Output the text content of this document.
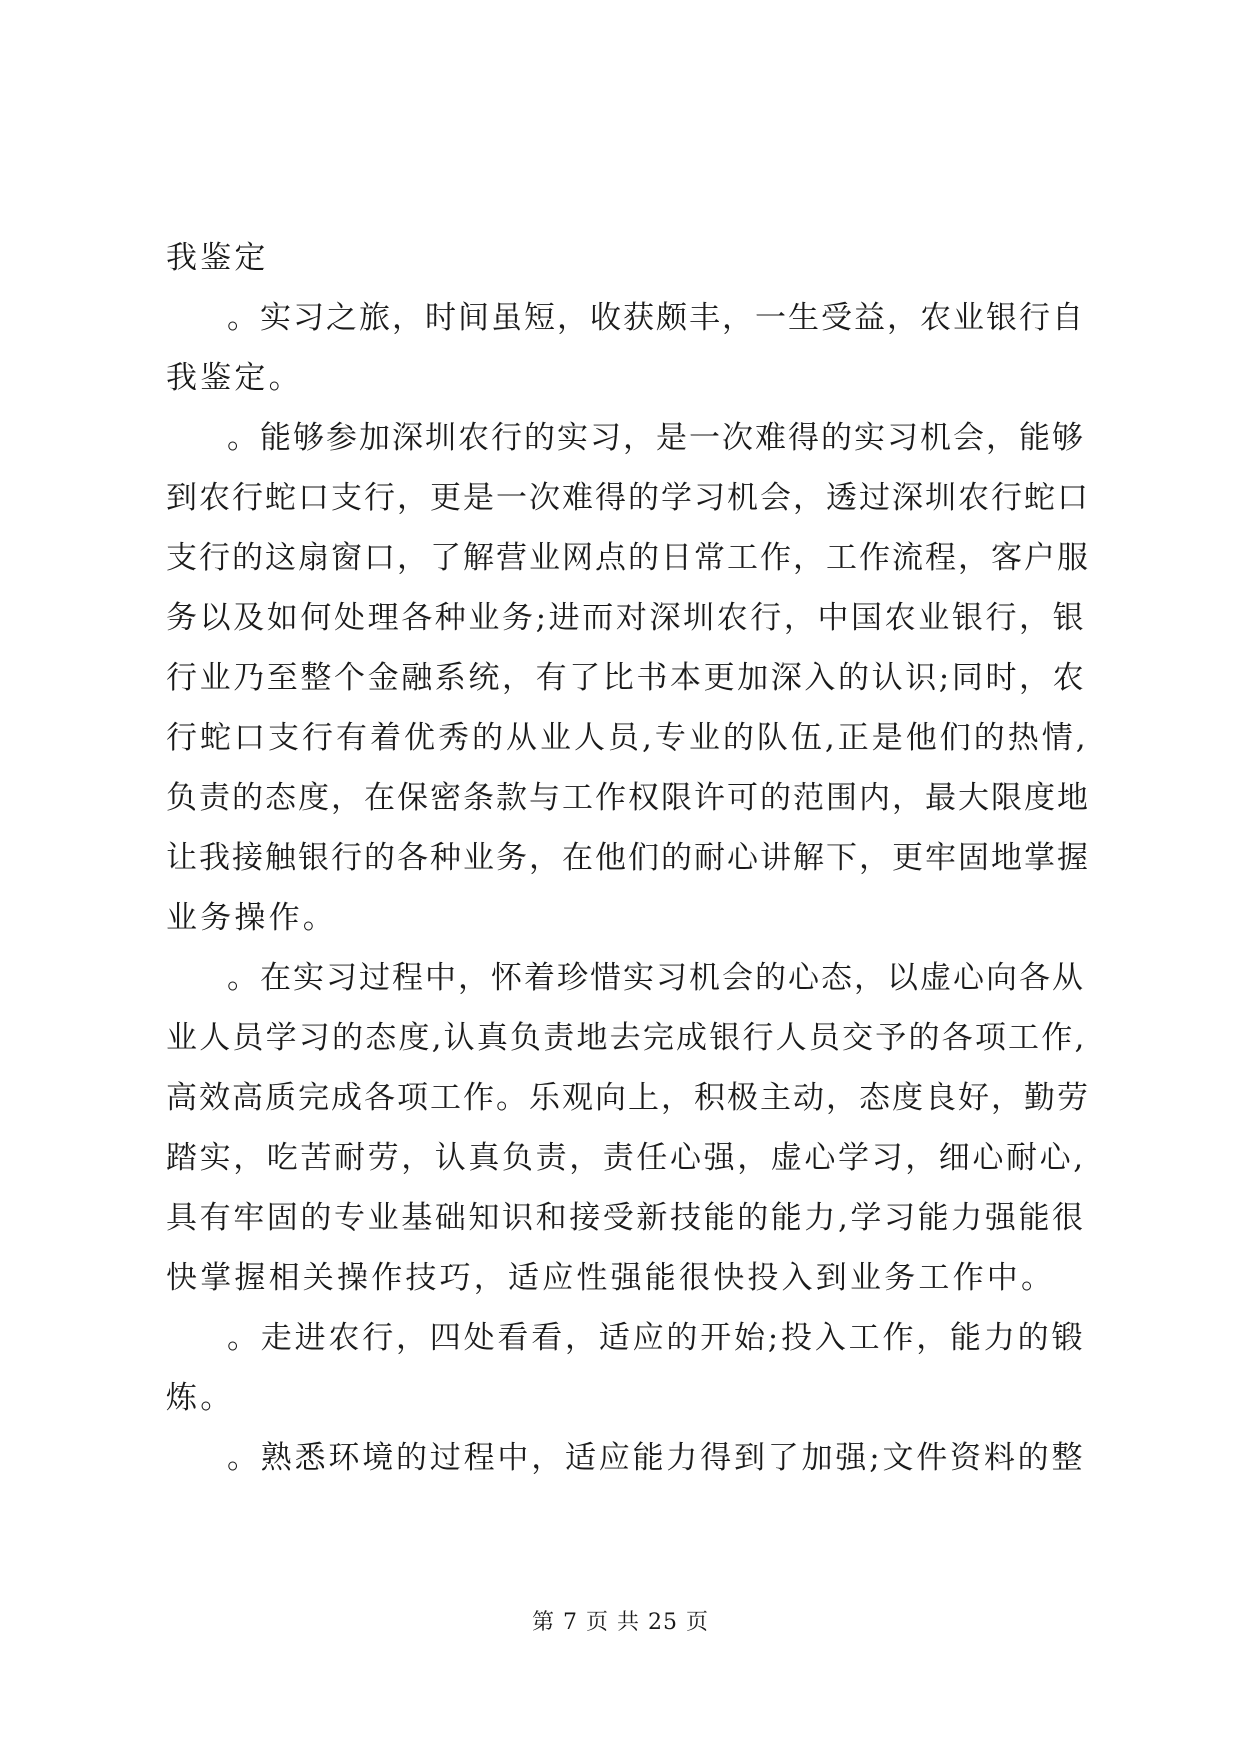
我鉴定
。实习之旅，时间虽短，收获颇丰，一生受益，农业银行自
我鉴定。
。能够参加深圳农行的实习，是一次难得的实习机会，能够
到农行蛇口支行，更是一次难得的学习机会，透过深圳农行蛇口
支行的这扇窗口，了解营业网点的日常工作，工作流程，客户服
务以及如何处理各种业务;进而对深圳农行，中国农业银行，银
行业乃至整个金融系统，有了比书本更加深入的认识;同时，农
行蛇口支行有着优秀的从业人员,专业的队伍,正是他们的热情,
负责的态度，在保密条款与工作权限许可的范围内，最大限度地
让我接触银行的各种业务，在他们的耐心讲解下，更牢固地掌握
业务操作。
。在实习过程中，怀着珍惜实习机会的心态，以虚心向各从
业人员学习的态度,认真负责地去完成银行人员交予的各项工作,
高效高质完成各项工作。乐观向上，积极主动，态度良好，勤劳
踏实，吃苦耐劳，认真负责，责任心强，虚心学习，细心耐心,
具有牢固的专业基础知识和接受新技能的能力,学习能力强能很
快掌握相关操作技巧，适应性强能很快投入到业务工作中。
。走进农行，四处看看，适应的开始;投入工作，能力的锻
炼。
。熟悉环境的过程中，适应能力得到了加强;文件资料的整
第 7 页 共 25 页
